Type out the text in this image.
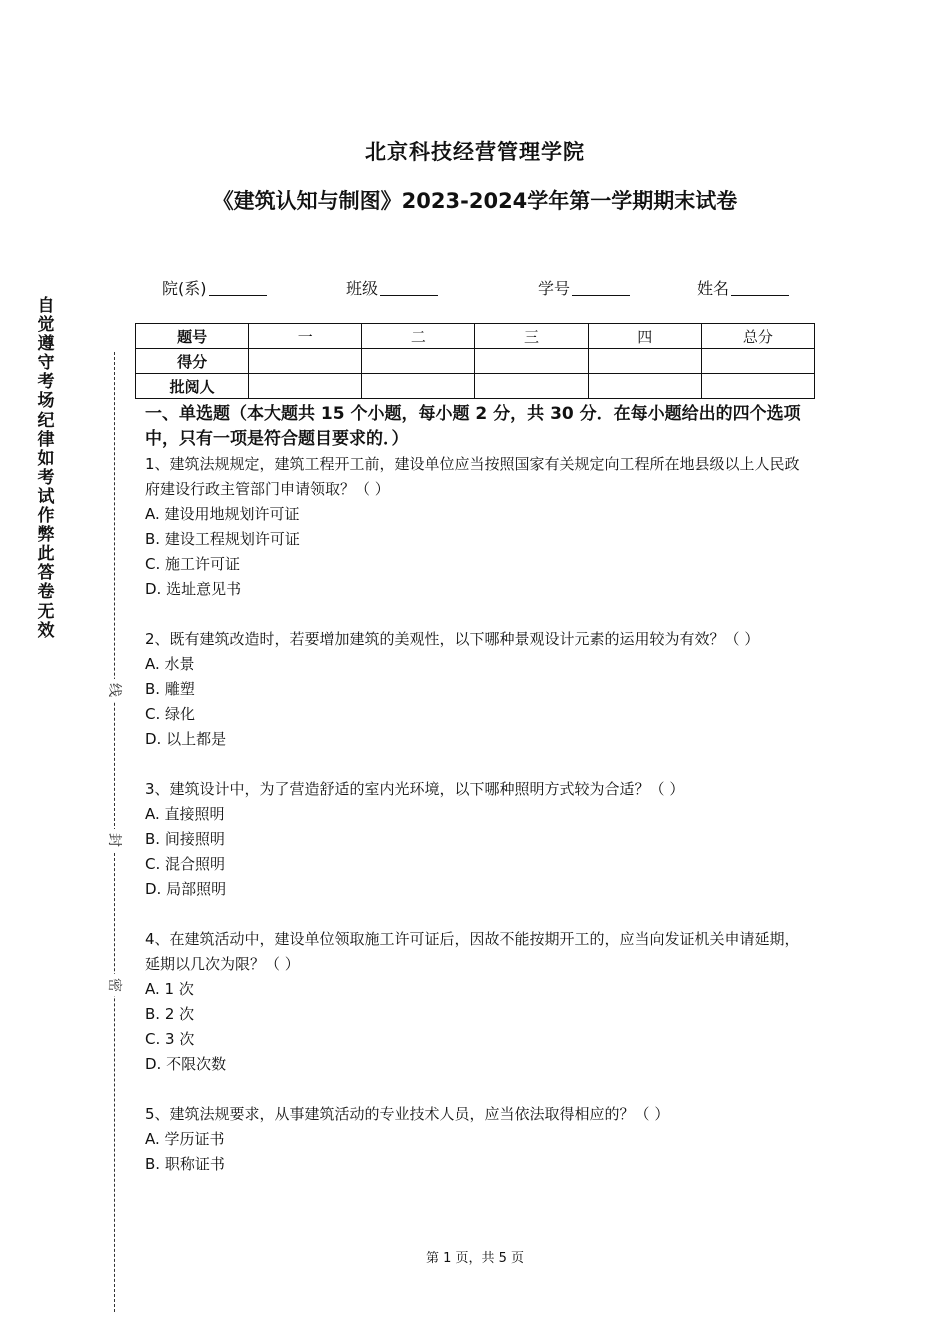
北京科技经营管理学院
《建筑认知与制图》2023-2024学年第一学期期末试卷
院(系)	班级	学号	姓名
自
觉
遵
守
考
场
纪
律
如
考
试
作
弊
此
答
卷
无
效
线
封
密
题号	一	二	三	四	总分
得分					
批阅人					
一、单选题（本大题共 15 个小题，每小题 2 分，共 30 分．在每小题给出的四个选项中，只有一项是符合题目要求的．）
1、建筑法规规定，建筑工程开工前，建设单位应当按照国家有关规定向工程所在地县级以上人民政府建设行政主管部门申请领取？（ ）
A. 建设用地规划许可证
B. 建设工程规划许可证
C. 施工许可证
D. 选址意见书
2、既有建筑改造时，若要增加建筑的美观性，以下哪种景观设计元素的运用较为有效？（ ）
A. 水景
B. 雕塑
C. 绿化
D. 以上都是
3、建筑设计中，为了营造舒适的室内光环境，以下哪种照明方式较为合适？（ ）
A. 直接照明
B. 间接照明
C. 混合照明
D. 局部照明
4、在建筑活动中，建设单位领取施工许可证后，因故不能按期开工的，应当向发证机关申请延期，延期以几次为限？（ ）
A. 1 次
B. 2 次
C. 3 次
D. 不限次数
5、建筑法规要求，从事建筑活动的专业技术人员，应当依法取得相应的？（ ）
A. 学历证书
B. 职称证书
第 1 页，共 5 页
